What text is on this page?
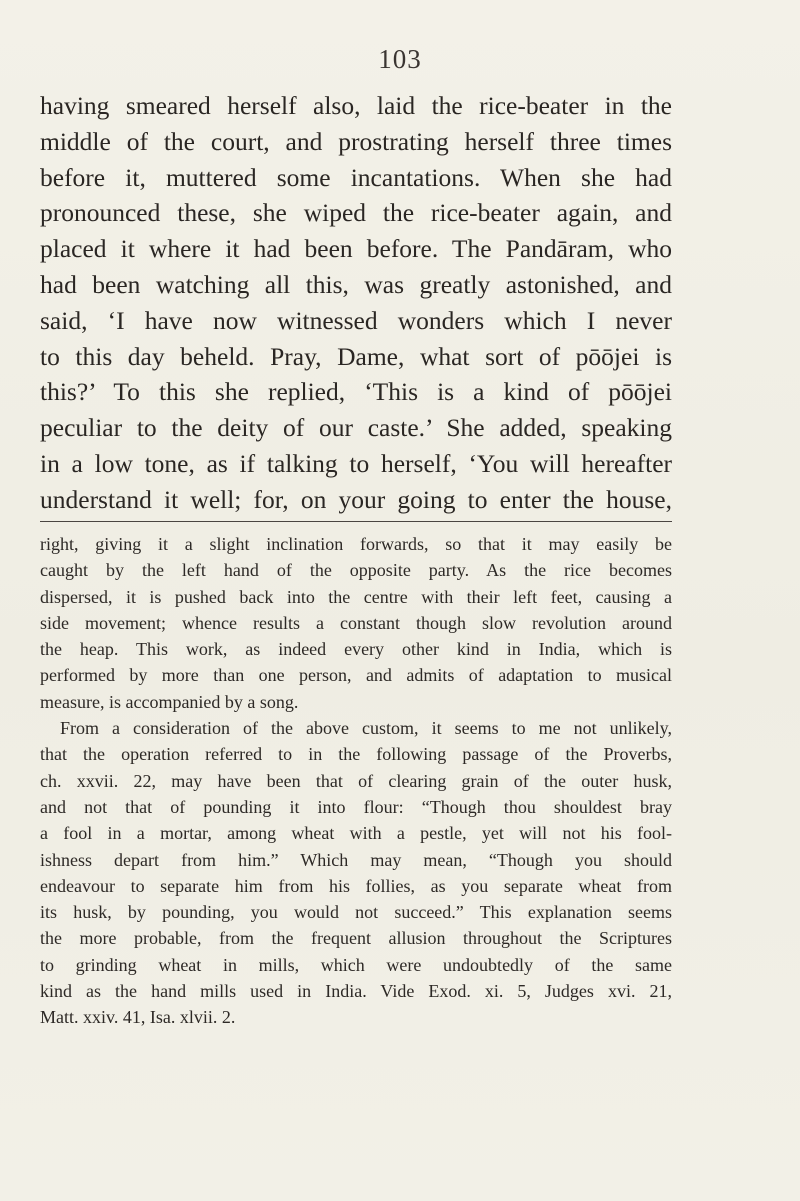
103
having smeared herself also, laid the rice-beater in the
middle of the court, and prostrating herself three times
before it, muttered some incantations. When she had
pronounced these, she wiped the rice-beater again, and
placed it where it had been before. The Pandāram, who
had been watching all this, was greatly astonished, and
said, ‘I have now witnessed wonders which I never
to this day beheld. Pray, Dame, what sort of pōōjei is
this?’ To this she replied, ‘This is a kind of pōōjei
peculiar to the deity of our caste.’ She added, speaking
in a low tone, as if talking to herself, ‘You will hereafter
understand it well; for, on your going to enter the house,
right, giving it a slight inclination forwards, so that it may easily be
caught by the left hand of the opposite party. As the rice becomes
dispersed, it is pushed back into the centre with their left feet, causing a
side movement; whence results a constant though slow revolution around
the heap. This work, as indeed every other kind in India, which is
performed by more than one person, and admits of adaptation to musical
measure, is accompanied by a song.
From a consideration of the above custom, it seems to me not unlikely,
that the operation referred to in the following passage of the Proverbs,
ch. xxvii. 22, may have been that of clearing grain of the outer husk,
and not that of pounding it into flour: “Though thou shouldest bray
a fool in a mortar, among wheat with a pestle, yet will not his fool-
ishness depart from him.” Which may mean, “Though you should
endeavour to separate him from his follies, as you separate wheat from
its husk, by pounding, you would not succeed.” This explanation seems
the more probable, from the frequent allusion throughout the Scriptures
to grinding wheat in mills, which were undoubtedly of the same
kind as the hand mills used in India. Vide Exod. xi. 5, Judges xvi. 21,
Matt. xxiv. 41, Isa. xlvii. 2.
